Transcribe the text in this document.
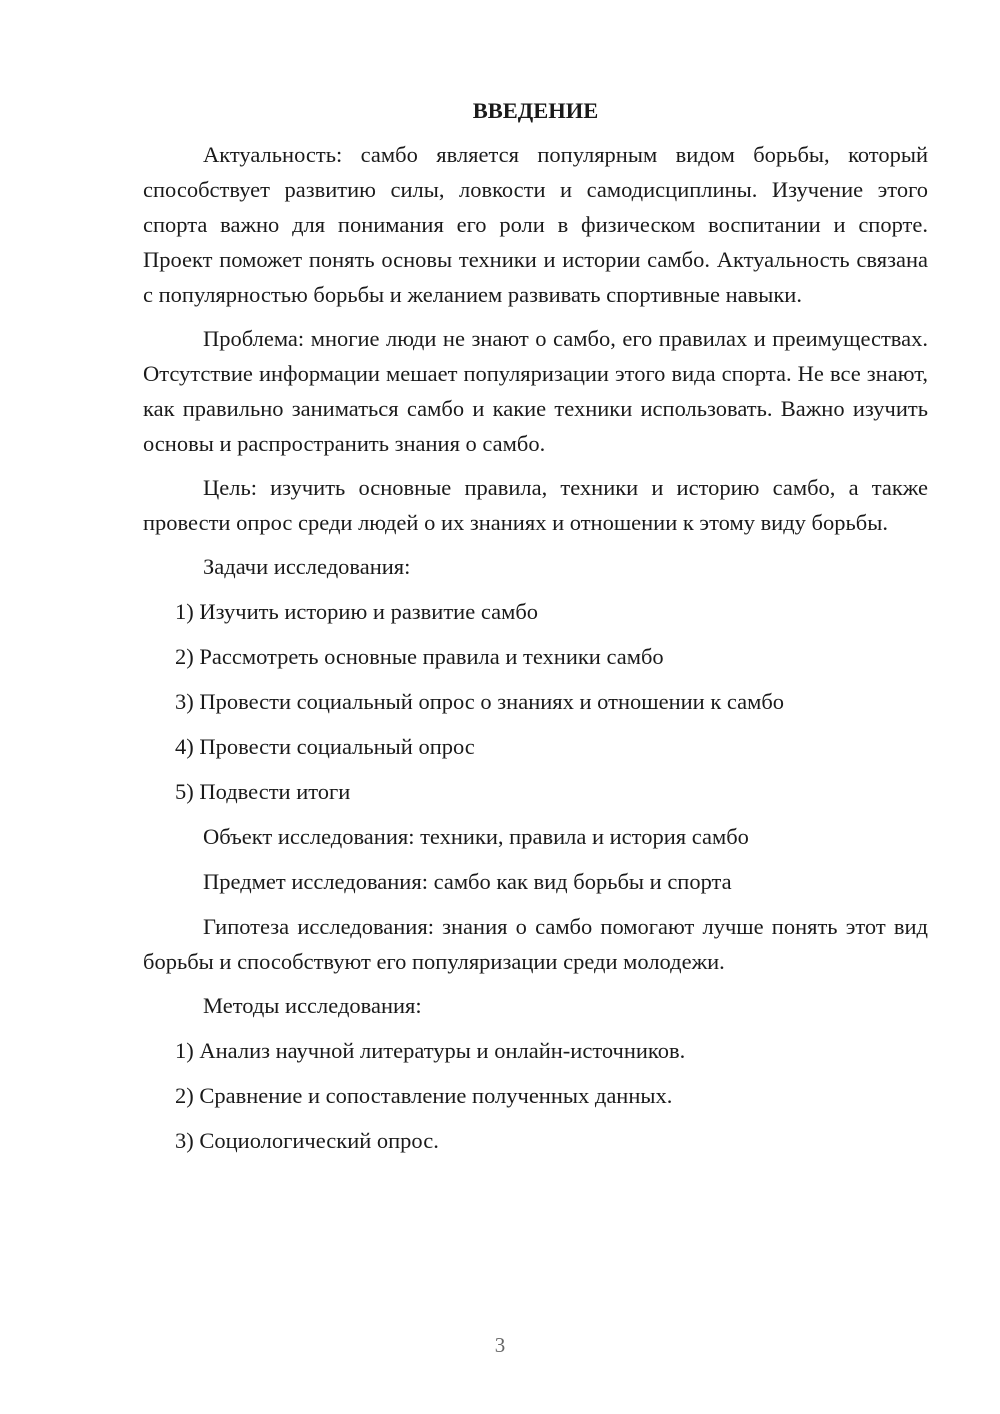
ВВЕДЕНИЕ

Актуальность: самбо является популярным видом борьбы, который способствует развитию силы, ловкости и самодисциплины. Изучение этого спорта важно для понимания его роли в физическом воспитании и спорте. Проект поможет понять основы техники и истории самбо. Актуальность связана с популярностью борьбы и желанием развивать спортивные навыки.

Проблема: многие люди не знают о самбо, его правилах и преимуществах. Отсутствие информации мешает популяризации этого вида спорта. Не все знают, как правильно заниматься самбо и какие техники использовать. Важно изучить основы и распространить знания о самбо.

Цель: изучить основные правила, техники и историю самбо, а также провести опрос среди людей о их знаниях и отношении к этому виду борьбы.

Задачи исследования:
1) Изучить историю и развитие самбо
2) Рассмотреть основные правила и техники самбо
3) Провести социальный опрос о знаниях и отношении к самбо
4) Провести социальный опрос
5) Подвести итоги
Объект исследования: техники, правила и история самбо
Предмет исследования: самбо как вид борьбы и спорта

Гипотеза исследования: знания о самбо помогают лучше понять этот вид борьбы и способствуют его популяризации среди молодежи.

Методы исследования:
1) Анализ научной литературы и онлайн-источников.
2) Сравнение и сопоставление полученных данных.
3) Социологический опрос.
3
